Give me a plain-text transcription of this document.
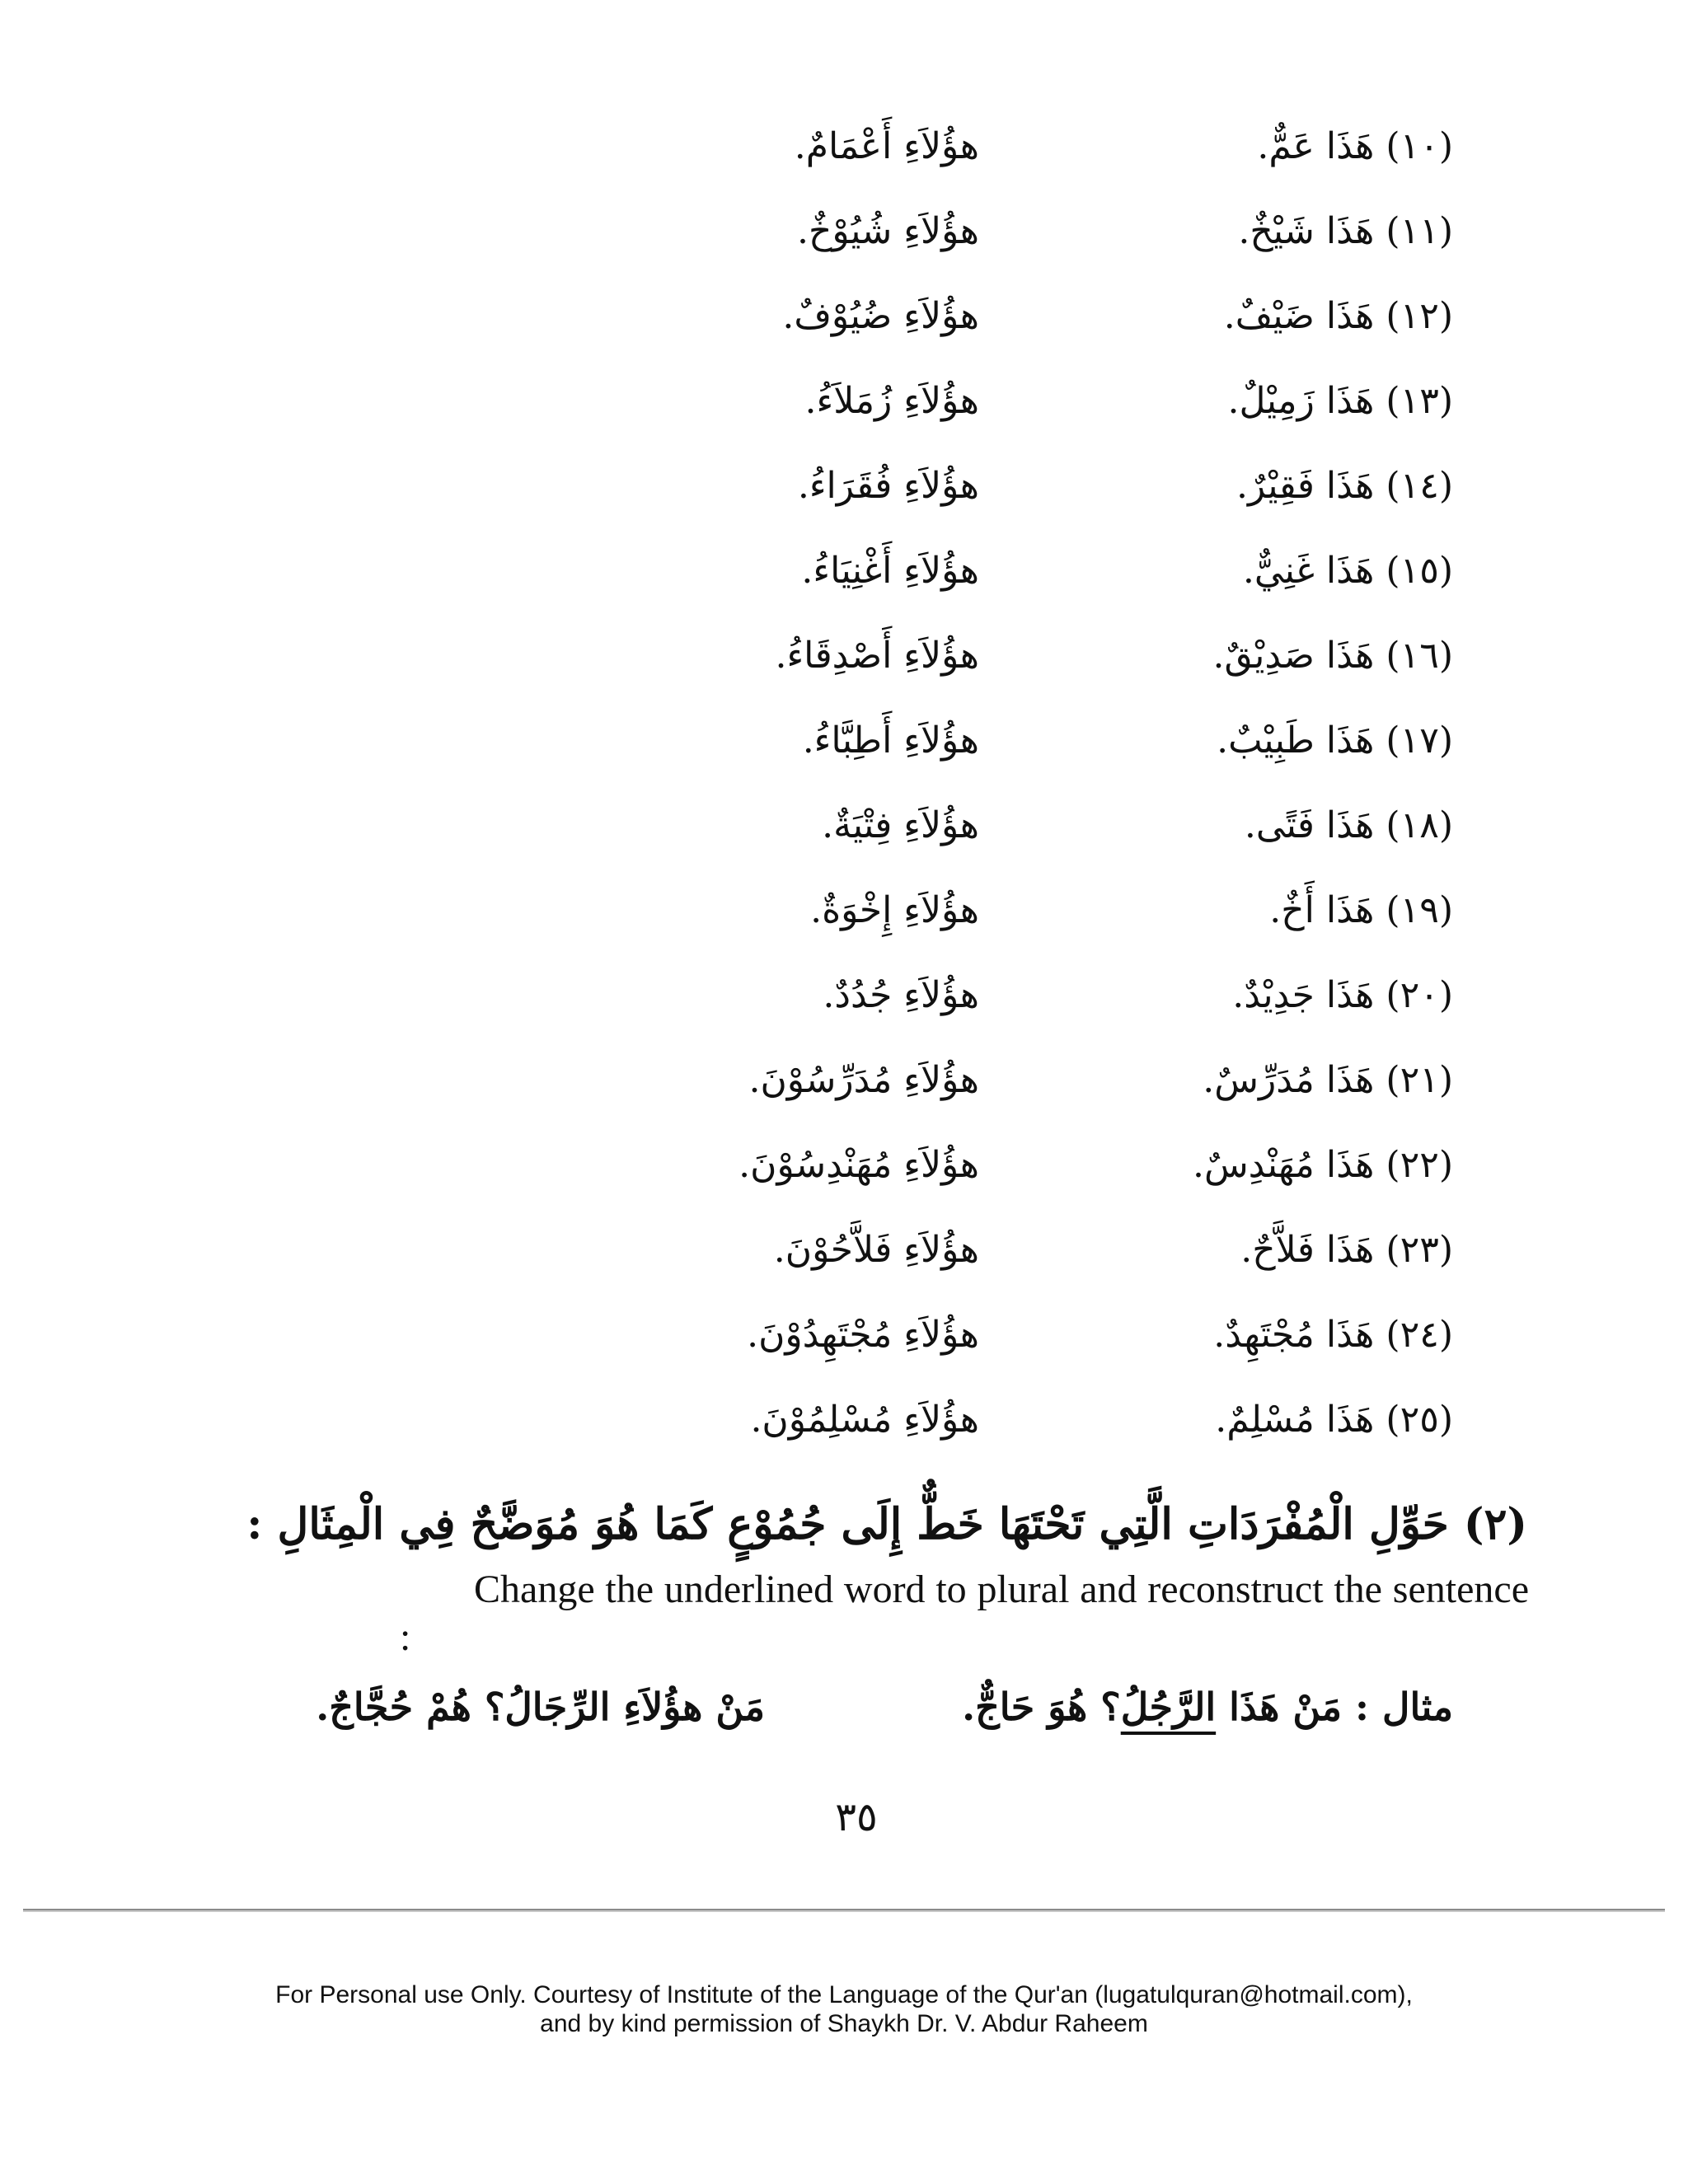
(١٠)هَذَا عَمٌّ.
هؤُلاَءِ أَعْمَامٌ.
(١١)هَذَا شَيْخٌ.
هؤُلاَءِ شُيُوْخٌ.
(١٢)هَذَا ضَيْفٌ.
هؤُلاَءِ ضُيُوْفٌ.
(١٣)هَذَا زَمِيْلٌ.
هؤُلاَءِ زُمَلاَءُ.
(١٤)هَذَا فَقِيْرٌ.
هؤُلاَءِ فُقَرَاءُ.
(١٥)هَذَا غَنِيٌّ.
هؤُلاَءِ أَغْنِيَاءُ.
(١٦)هَذَا صَدِيْقٌ.
هؤُلاَءِ أَصْدِقَاءُ.
(١٧)هَذَا طَبِيْبٌ.
هؤُلاَءِ أَطِبَّاءُ.
(١٨)هَذَا فَتًى.
هؤُلاَءِ فِتْيَةٌ.
(١٩)هَذَا أَخٌ.
هؤُلاَءِ إِخْوَةٌ.
(٢٠)هَذَا جَدِيْدٌ.
هؤُلاَءِ جُدُدٌ.
(٢١)هَذَا مُدَرِّسٌ.
هؤُلاَءِ مُدَرِّسُوْنَ.
(٢٢)هَذَا مُهَنْدِسٌ.
هؤُلاَءِ مُهَنْدِسُوْنَ.
(٢٣)هَذَا فَلاَّحٌ.
هؤُلاَءِ فَلاَّحُوْنَ.
(٢٤)هَذَا مُجْتَهِدٌ.
هؤُلاَءِ مُجْتَهِدُوْنَ.
(٢٥)هَذَا مُسْلِمٌ.
هؤُلاَءِ مُسْلِمُوْنَ.
(٢) حَوِّلِ الْمُفْرَدَاتِ الَّتِي تَحْتَهَا خَطٌّ إِلَى جُمُوْعٍ كَمَا هُوَ مُوَضَّحٌ فِي الْمِثَالِ :
Change the underlined word to plural and reconstruct the sentence :
مثال : مَنْ هَذَا الرَّجُلُ؟ هُوَ حَاجٌّ.
مَنْ هؤُلاَءِ الرِّجَالُ؟ هُمْ حُجَّاجٌ.
٣٥
For Personal use Only. Courtesy of Institute of the Language of the Qur'an (lugatulquran@hotmail.com),
and by kind permission of Shaykh Dr. V. Abdur Raheem
